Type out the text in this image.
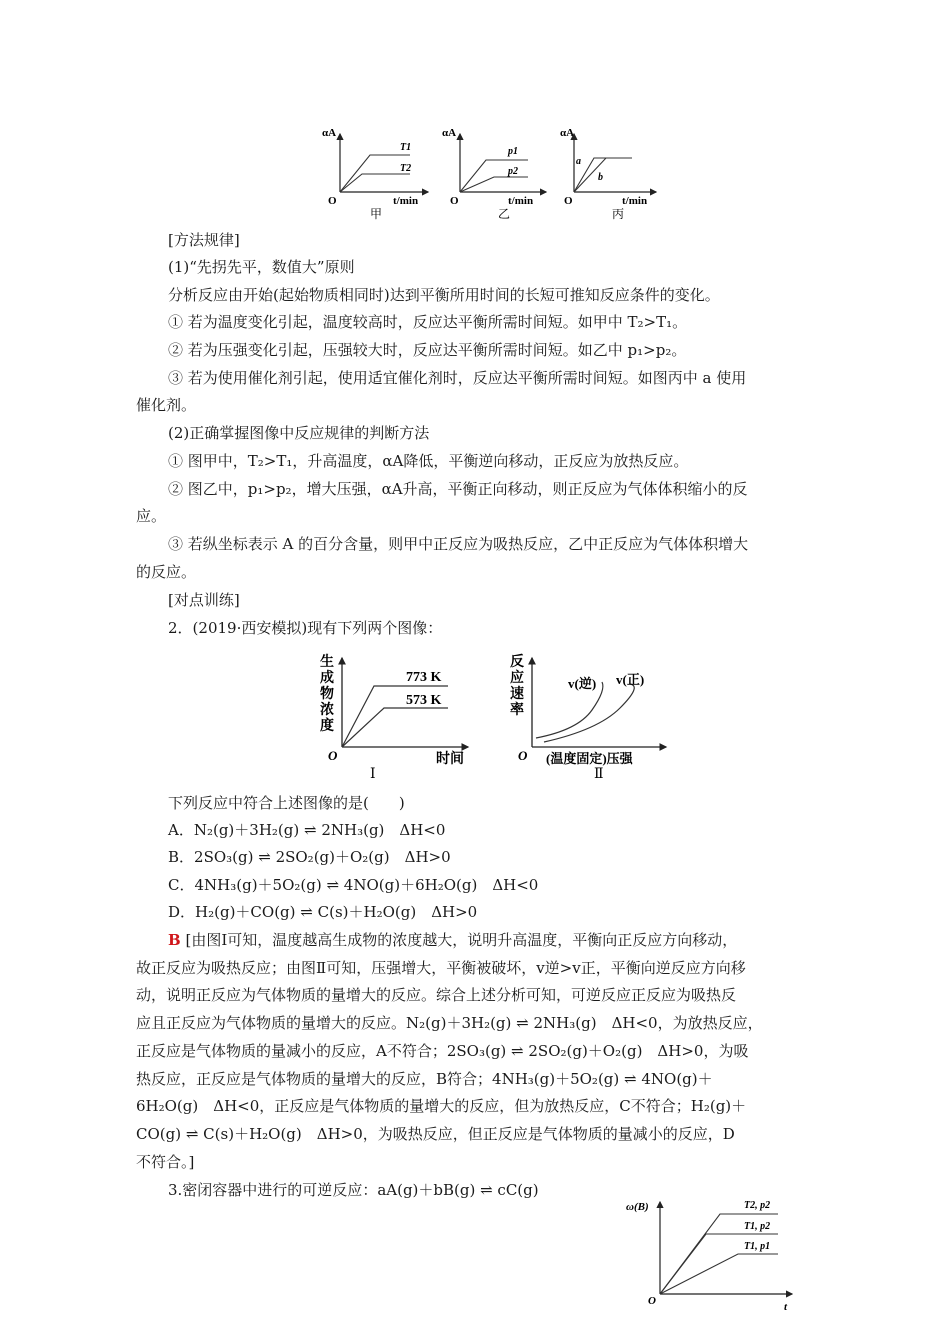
αA
T1
T2
O	t/min
甲
αA
p1
p2
O	t/min
乙
αA
a
b
O	t/min
丙
[方法规律]
(1)“先拐先平，数值大”原则
分析反应由开始(起始物质相同时)达到平衡所用时间的长短可推知反应条件的变化。
① 若为温度变化引起，温度较高时，反应达平衡所需时间短。如甲中 T₂>T₁。
② 若为压强变化引起，压强较大时，反应达平衡所需时间短。如乙中 p₁>p₂。
③ 若为使用催化剂引起，使用适宜催化剂时，反应达平衡所需时间短。如图丙中 a 使用
催化剂。
(2)正确掌握图像中反应规律的判断方法
① 图甲中，T₂>T₁，升高温度，αA降低，平衡逆向移动，正反应为放热反应。
② 图乙中，p₁>p₂，增大压强，αA升高，平衡正向移动，则正反应为气体体积缩小的反
应。
③ 若纵坐标表示 A 的百分含量，则甲中正反应为吸热反应，乙中正反应为气体体积增大
的反应。
[对点训练]
2．(2019·西安模拟)现有下列两个图像：
生 成 物 浓 度
773 K
573 K
O	时间
Ⅰ
反 应 速 率
v(逆) v(正)
O (温度固定)压强
Ⅱ
下列反应中符合上述图像的是(　　)
A．N₂(g)＋3H₂(g) ⇌ 2NH₃(g)　ΔH<0
B．2SO₃(g) ⇌ 2SO₂(g)＋O₂(g)　ΔH>0
C．4NH₃(g)＋5O₂(g) ⇌ 4NO(g)＋6H₂O(g)　ΔH<0
D．H₂(g)＋CO(g) ⇌ C(s)＋H₂O(g)　ΔH>0
B [由图Ⅰ可知，温度越高生成物的浓度越大，说明升高温度，平衡向正反应方向移动，
故正反应为吸热反应；由图Ⅱ可知，压强增大，平衡被破坏，v逆>v正，平衡向逆反应方向移
动，说明正反应为气体物质的量增大的反应。综合上述分析可知，可逆反应正反应为吸热反
应且正反应为气体物质的量增大的反应。N₂(g)＋3H₂(g) ⇌ 2NH₃(g)　ΔH<0，为放热反应，
正反应是气体物质的量减小的反应，A不符合；2SO₃(g) ⇌ 2SO₂(g)＋O₂(g)　ΔH>0，为吸
热反应，正反应是气体物质的量增大的反应，B符合；4NH₃(g)＋5O₂(g) ⇌ 4NO(g)＋
6H₂O(g)　ΔH<0，正反应是气体物质的量增大的反应，但为放热反应，C不符合；H₂(g)＋
CO(g) ⇌ C(s)＋H₂O(g)　ΔH>0，为吸热反应，但正反应是气体物质的量减小的反应，D
不符合。]
3.密闭容器中进行的可逆反应：aA(g)＋bB(g) ⇌ cC(g)
ω(B)	T2, p2
T1, p2
T1, p1
O	t
